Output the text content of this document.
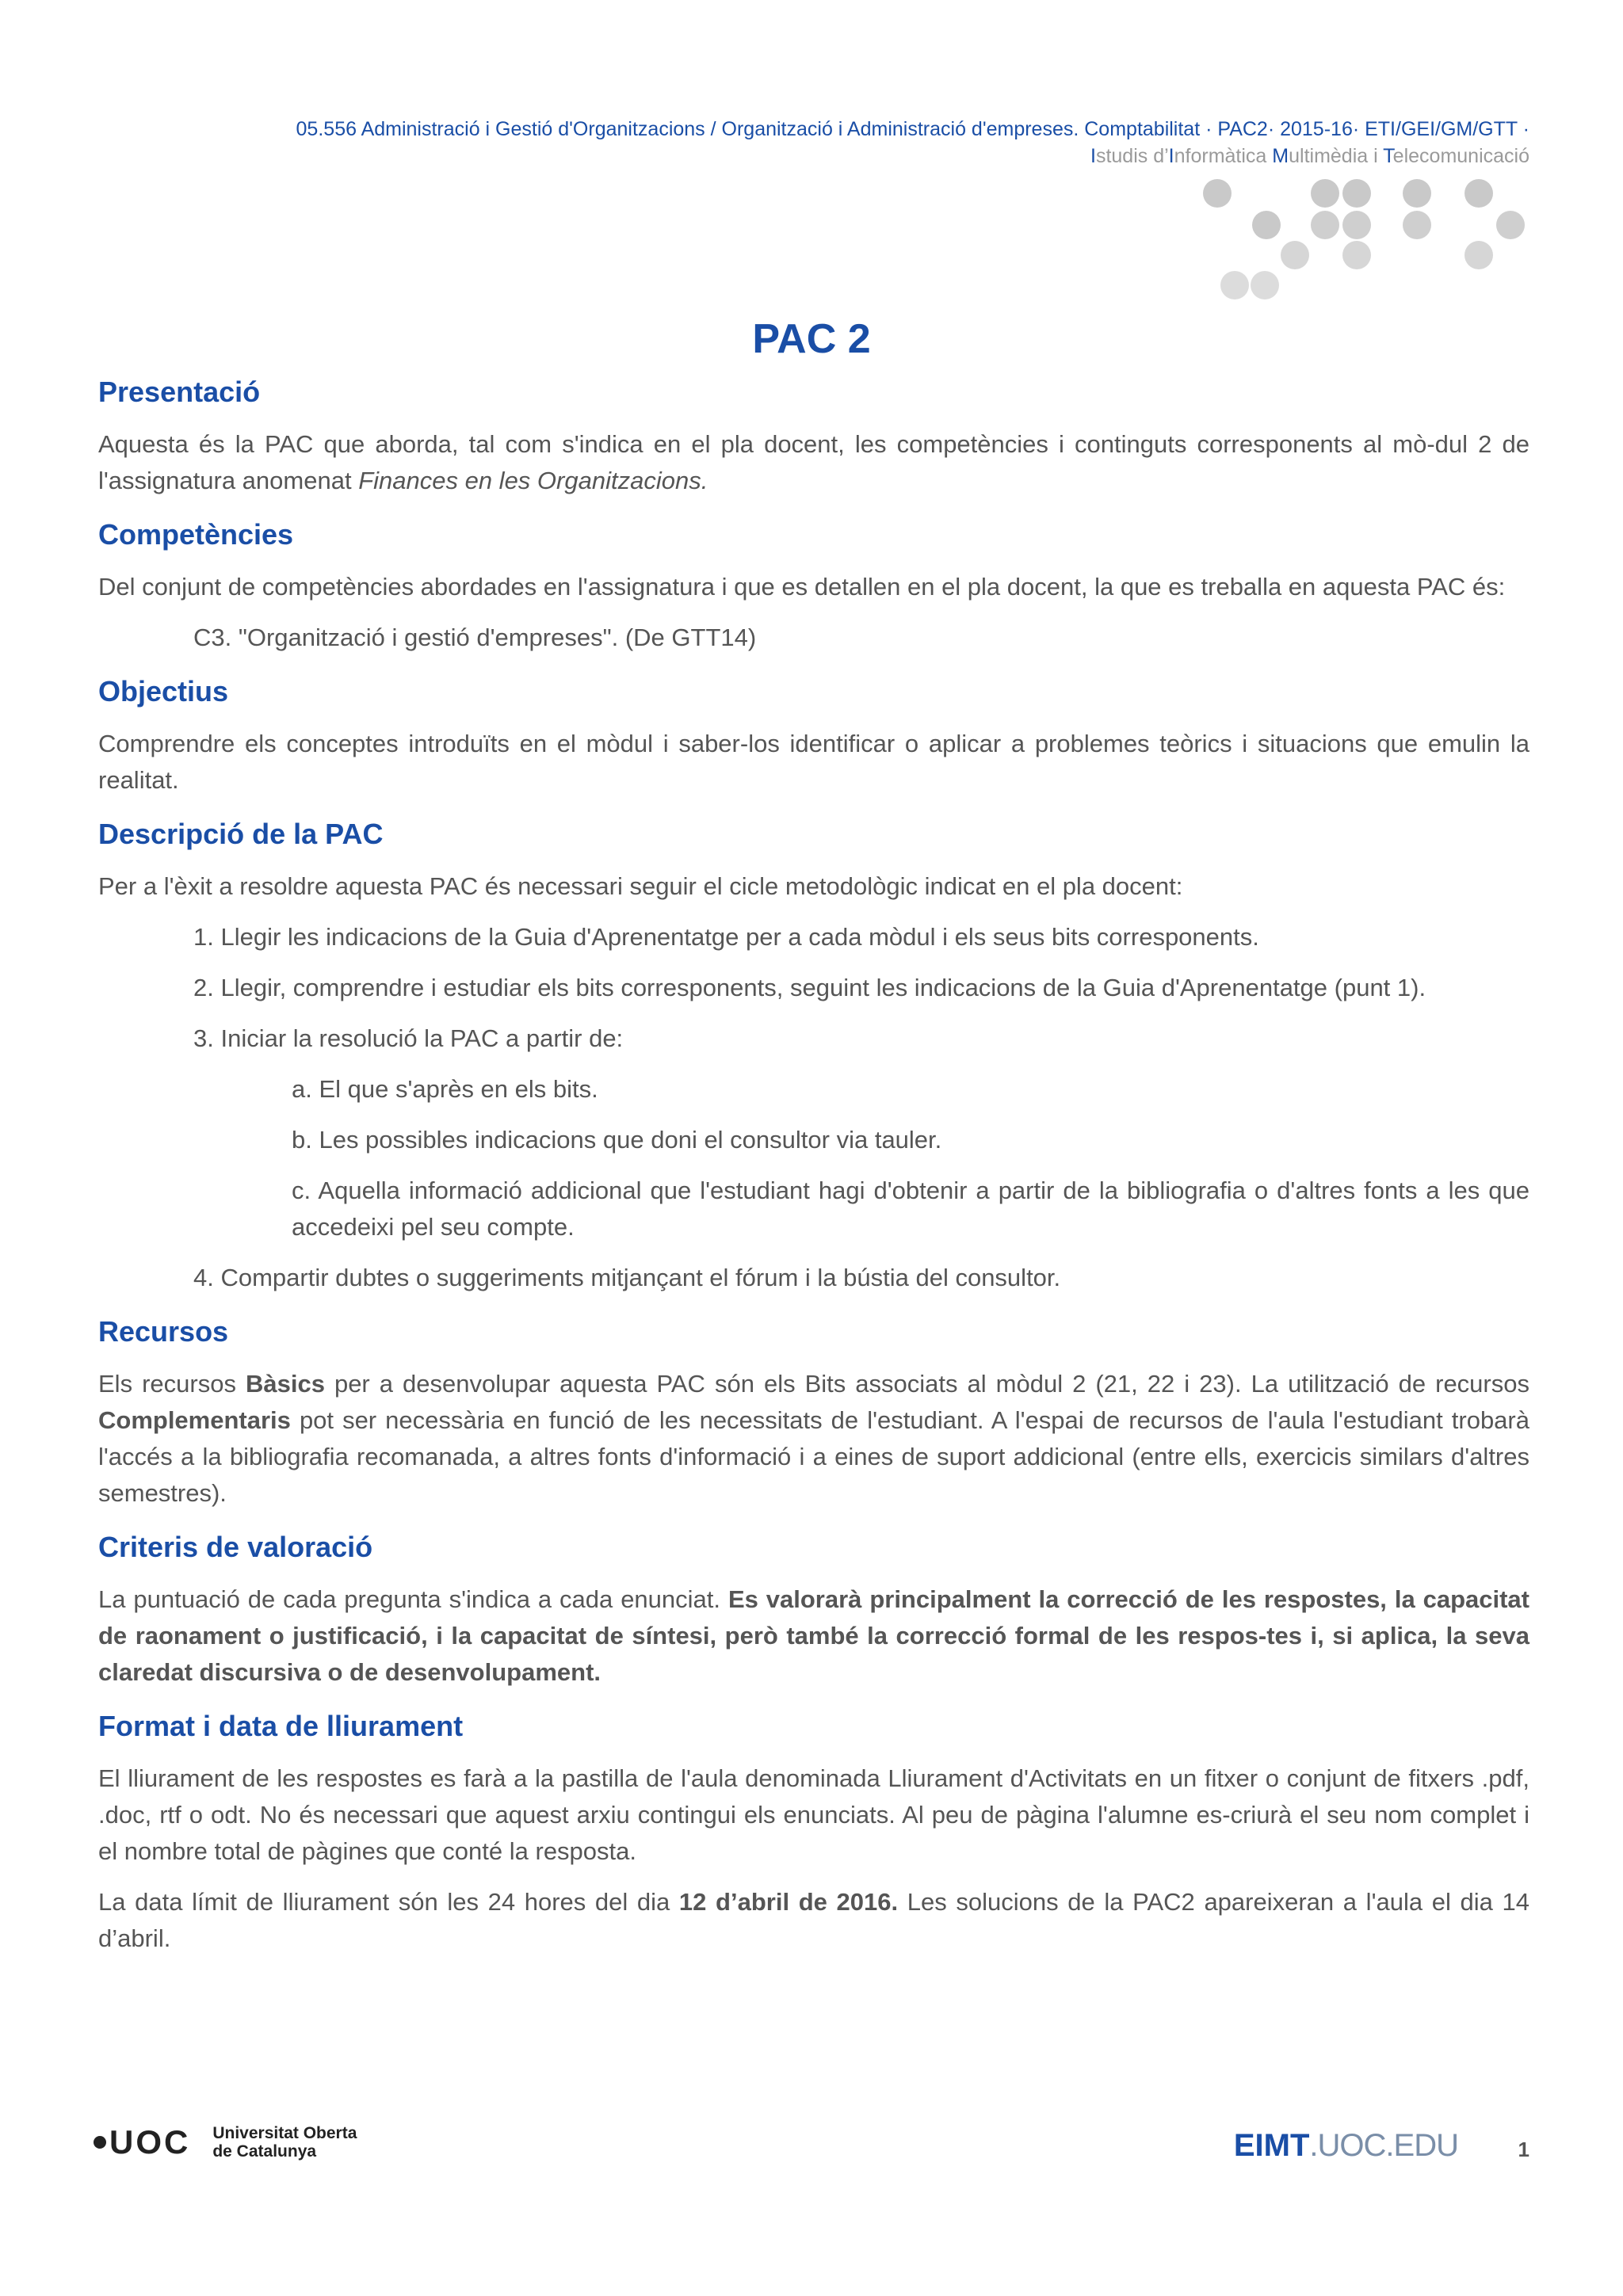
05.556 Administració i Gestió d'Organitzacions / Organització i Administració d'empreses. Comptabilitat · PAC2· 2015-16· ETI/GEI/GM/GTT ·
Istudis d’Informàtica Multimèdia i Telecomunicació
PAC 2
Presentació

Aquesta és la PAC que aborda, tal com s'indica en el pla docent, les competències i continguts corresponents al mò-dul 2 de l'assignatura anomenat Finances en les Organitzacions.

Competències

Del conjunt de competències abordades en l'assignatura i que es detallen en el pla docent, la que es treballa en aquesta PAC és:

C3. "Organització i gestió d'empreses". (De GTT14)

Objectius

Comprendre els conceptes introduïts en el mòdul i saber-los identificar o aplicar a problemes teòrics i situacions que emulin la realitat.

Descripció de la PAC

Per a l'èxit a resoldre aquesta PAC és necessari seguir el cicle metodològic indicat en el pla docent:

1. Llegir les indicacions de la Guia d'Aprenentatge per a cada mòdul i els seus bits corresponents.

2. Llegir, comprendre i estudiar els bits corresponents, seguint les indicacions de la Guia d'Aprenentatge (punt 1).

3. Iniciar la resolució la PAC a partir de:

a. El que s'après en els bits.

b. Les possibles indicacions que doni el consultor via tauler.

c. Aquella informació addicional que l'estudiant hagi d'obtenir a partir de la bibliografia o d'altres fonts a les que accedeixi pel seu compte.

4. Compartir dubtes o suggeriments mitjançant el fórum i la bústia del consultor.

Recursos

Els recursos Bàsics per a desenvolupar aquesta PAC són els Bits associats al mòdul 2 (21, 22 i 23). La utilització de recursos Complementaris pot ser necessària en funció de les necessitats de l'estudiant. A l'espai de recursos de l'aula l'estudiant trobarà l'accés a la bibliografia recomanada, a altres fonts d'informació i a eines de suport addicional (entre ells, exercicis similars d'altres semestres).

Criteris de valoració

La puntuació de cada pregunta s'indica a cada enunciat. Es valorarà principalment la correcció de les respostes, la capacitat de raonament o justificació, i la capacitat de síntesi, però també la correcció formal de les respos-tes i, si aplica, la seva claredat discursiva o de desenvolupament.

Format i data de lliurament

El lliurament de les respostes es farà a la pastilla de l'aula denominada Lliurament d'Activitats en un fitxer o conjunt de fitxers .pdf, .doc, rtf o odt. No és necessari que aquest arxiu contingui els enunciats. Al peu de pàgina l'alumne es-criurà el seu nom complet i el nombre total de pàgines que conté la resposta.

La data límit de lliurament són les 24 hores del dia 12 d’abril de 2016. Les solucions de la PAC2 apareixeran a l'aula el dia 14 d’abril.

UOC Universitat Oberta
de Catalunya	EIMT.UOC.EDU	1
